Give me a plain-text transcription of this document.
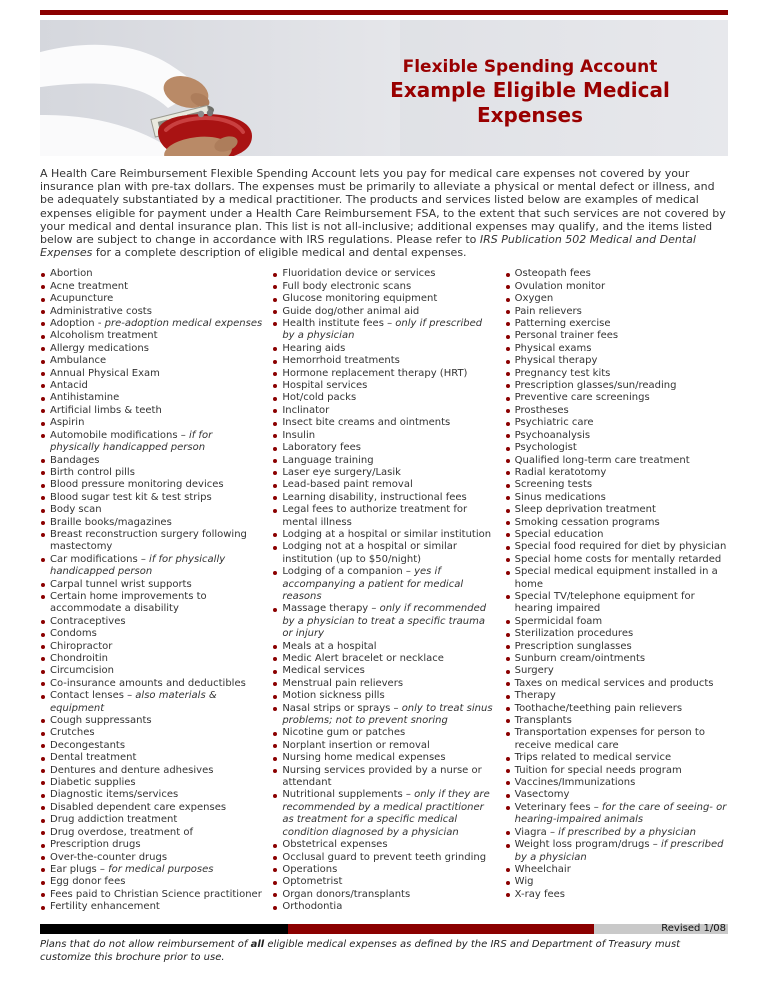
Flexible Spending Account
Example Eligible Medical Expenses

A Health Care Reimbursement Flexible Spending Account lets you pay for medical care expenses not covered by your insurance plan with pre-tax dollars. The expenses must be primarily to alleviate a physical or mental defect or illness, and be adequately substantiated by a medical practitioner. The products and services listed below are examples of medical expenses eligible for payment under a Health Care Reimbursement FSA, to the extent that such services are not covered by your medical and dental insurance plan. This list is not all-inclusive; additional expenses may qualify, and the items listed below are subject to change in accordance with IRS regulations. Please refer to IRS Publication 502 Medical and Dental Expenses for a complete description of eligible medical and dental expenses.

Abortion
Acne treatment
Acupuncture
Administrative costs
Adoption - pre-adoption medical expenses
Alcoholism treatment
Allergy medications
Ambulance
Annual Physical Exam
Antacid
Antihistamine
Artificial limbs & teeth
Aspirin
Automobile modifications – if for physically handicapped person
Bandages
Birth control pills
Blood pressure monitoring devices
Blood sugar test kit & test strips
Body scan
Braille books/magazines
Breast reconstruction surgery following mastectomy
Car modifications – if for physically handicapped person
Carpal tunnel wrist supports
Certain home improvements to accommodate a disability
Contraceptives
Condoms
Chiropractor
Chondroitin
Circumcision
Co-insurance amounts and deductibles
Contact lenses – also materials & equipment
Cough suppressants
Crutches
Decongestants
Dental treatment
Dentures and denture adhesives
Diabetic supplies
Diagnostic items/services
Disabled dependent care expenses
Drug addiction treatment
Drug overdose, treatment of
Prescription drugs
Over-the-counter drugs
Ear plugs – for medical purposes
Egg donor fees
Fees paid to Christian Science practitioner
Fertility enhancement
Fluoridation device or services
Full body electronic scans
Glucose monitoring equipment
Guide dog/other animal aid
Health institute fees – only if prescribed by a physician
Hearing aids
Hemorrhoid treatments
Hormone replacement therapy (HRT)
Hospital services
Hot/cold packs
Inclinator
Insect bite creams and ointments
Insulin
Laboratory fees
Language training
Laser eye surgery/Lasik
Lead-based paint removal
Learning disability, instructional fees
Legal fees to authorize treatment for mental illness
Lodging at a hospital or similar institution
Lodging not at a hospital or similar institution (up to $50/night)
Lodging of a companion – yes if accompanying a patient for medical reasons
Massage therapy – only if recommended by a physician to treat a specific trauma or injury
Meals at a hospital
Medic Alert bracelet or necklace
Medical services
Menstrual pain relievers
Motion sickness pills
Nasal strips or sprays – only to treat sinus problems; not to prevent snoring
Nicotine gum or patches
Norplant insertion or removal
Nursing home medical expenses
Nursing services provided by a nurse or attendant
Nutritional supplements – only if they are recommended by a medical practitioner as treatment for a specific medical condition diagnosed by a physician
Obstetrical expenses
Occlusal guard to prevent teeth grinding
Operations
Optometrist
Organ donors/transplants
Orthodontia
Osteopath fees
Ovulation monitor
Oxygen
Pain relievers
Patterning exercise
Personal trainer fees
Physical exams
Physical therapy
Pregnancy test kits
Prescription glasses/sun/reading
Preventive care screenings
Prostheses
Psychiatric care
Psychoanalysis
Psychologist
Qualified long-term care treatment
Radial keratotomy
Screening tests
Sinus medications
Sleep deprivation treatment
Smoking cessation programs
Special education
Special food required for diet by physician
Special home costs for mentally retarded
Special medical equipment installed in a home
Special TV/telephone equipment for hearing impaired
Spermicidal foam
Sterilization procedures
Prescription sunglasses
Sunburn cream/ointments
Surgery
Taxes on medical services and products
Therapy
Toothache/teething pain relievers
Transplants
Transportation expenses for person to receive medical care
Trips related to medical service
Tuition for special needs program
Vaccines/Immunizations
Vasectomy
Veterinary fees – for the care of seeing- or hearing-impaired animals
Viagra – if prescribed by a physician
Weight loss program/drugs – if prescribed by a physician
Wheelchair
Wig
X-ray fees
Revised 1/08

Plans that do not allow reimbursement of all eligible medical expenses as defined by the IRS and Department of Treasury must customize this brochure prior to use.
